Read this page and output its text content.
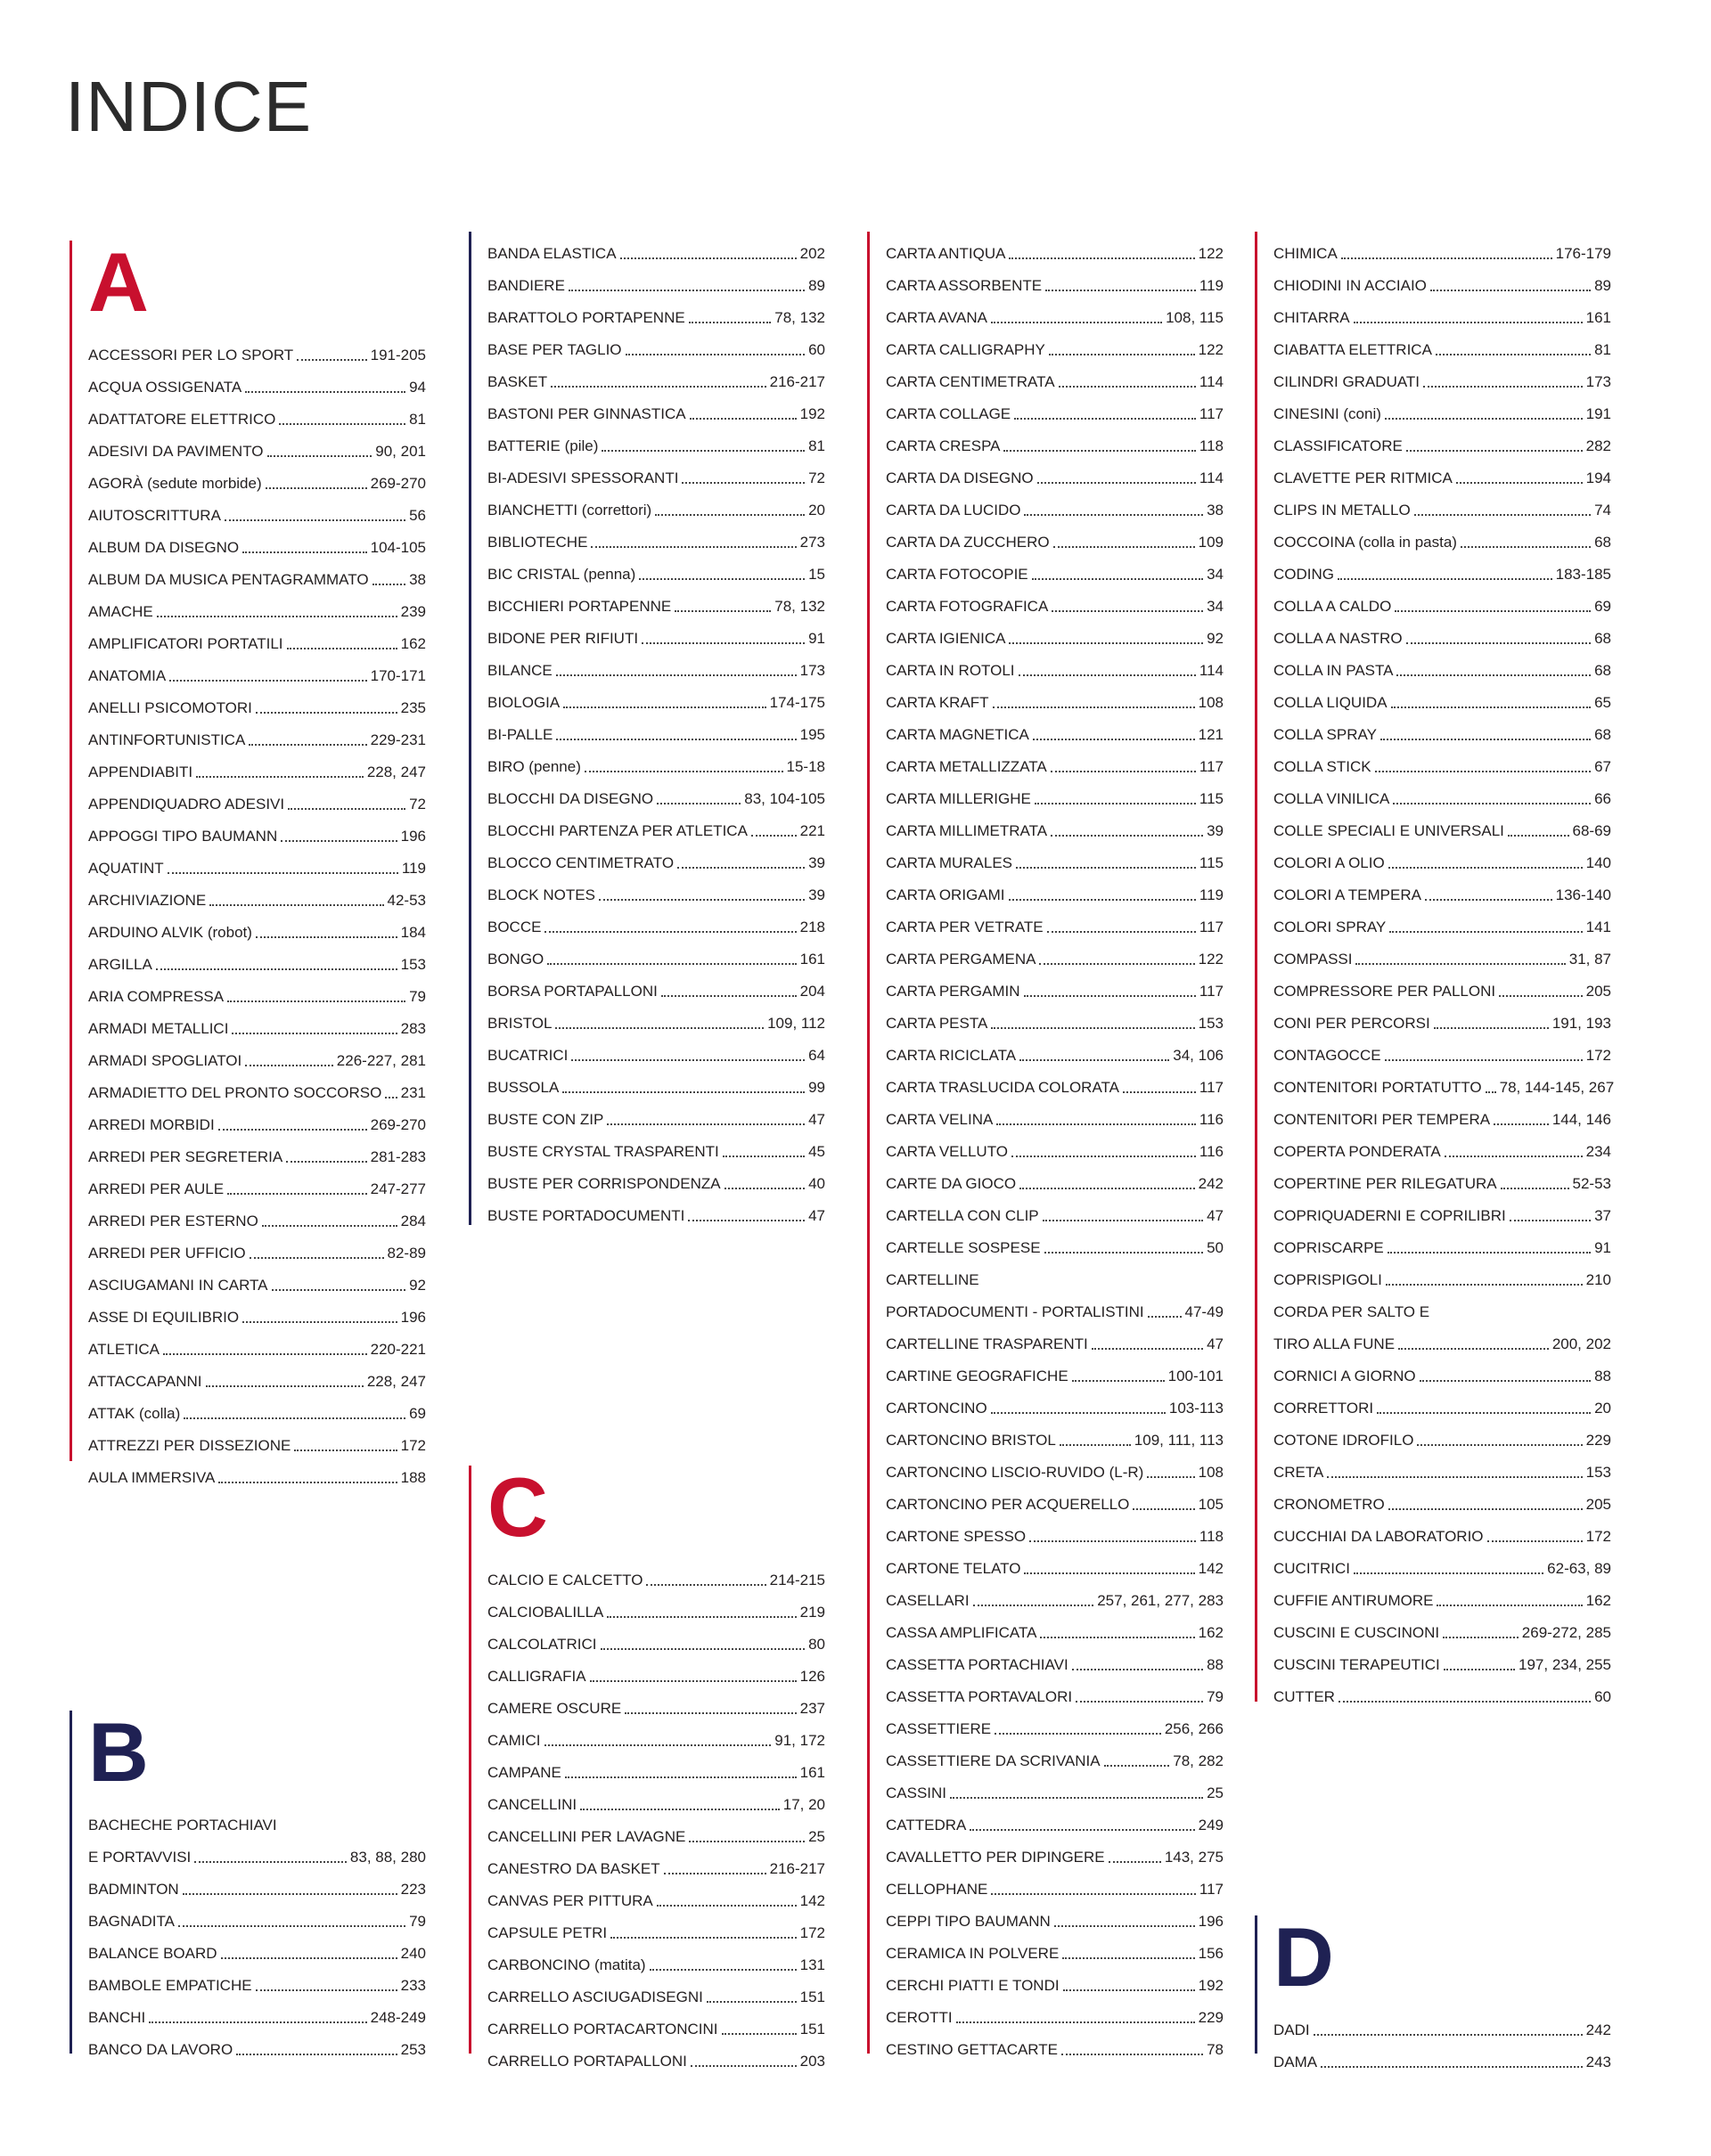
INDICE
A
ACCESSORI PER LO SPORT	191-205
ACQUA OSSIGENATA	94
ADATTATORE ELETTRICO	81
ADESIVI DA PAVIMENTO	90, 201
AGORÀ (sedute morbide)	269-270
AIUTOSCRITTURA	56
ALBUM DA DISEGNO	104-105
ALBUM DA MUSICA PENTAGRAMMATO	38
AMACHE	239
AMPLIFICATORI PORTATILI	162
ANATOMIA	170-171
ANELLI PSICOMOTORI	235
ANTINFORTUNISTICA	229-231
APPENDIABITI	228, 247
APPENDIQUADRO ADESIVI	72
APPOGGI TIPO BAUMANN	196
AQUATINT	119
ARCHIVIAZIONE	42-53
ARDUINO ALVIK (robot)	184
ARGILLA	153
ARIA COMPRESSA	79
ARMADI METALLICI	283
ARMADI SPOGLIATOI	226-227, 281
ARMADIETTO DEL PRONTO SOCCORSO 231
ARREDI MORBIDI	269-270
ARREDI PER SEGRETERIA	281-283
ARREDI PER AULE	247-277
ARREDI PER ESTERNO	284
ARREDI PER UFFICIO	82-89
ASCIUGAMANI IN CARTA	92
ASSE DI EQUILIBRIO	196
ATLETICA	220-221
ATTACCAPANNI	228, 247
ATTAK (colla)	69
ATTREZZI PER DISSEZIONE	172
AULA IMMERSIVA	188
B
BACHECHE PORTACHIAVI
E PORTAVVISI	83, 88, 280
BADMINTON	223
BAGNADITA	79
BALANCE BOARD	240
BAMBOLE EMPATICHE	233
BANCHI	248-249
BANCO DA LAVORO	253
BANDA ELASTICA	202
BANDIERE	89
BARATTOLO PORTAPENNE	78, 132
BASE PER TAGLIO	60
BASKET	216-217
BASTONI PER GINNASTICA	192
BATTERIE (pile)	81
BI-ADESIVI SPESSORANTI	72
BIANCHETTI (correttori)	20
BIBLIOTECHE	273
BIC CRISTAL (penna)	15
BICCHIERI PORTAPENNE	78, 132
BIDONE PER RIFIUTI	91
BILANCE	173
BIOLOGIA	174-175
BI-PALLE	195
BIRO (penne)	15-18
BLOCCHI DA DISEGNO	83, 104-105
BLOCCHI PARTENZA PER ATLETICA	221
BLOCCO CENTIMETRATO	39
BLOCK NOTES	39
BOCCE	218
BONGO	161
BORSA PORTAPALLONI	204
BRISTOL	109, 112
BUCATRICI	64
BUSSOLA	99
BUSTE CON ZIP	47
BUSTE CRYSTAL TRASPARENTI	45
BUSTE PER CORRISPONDENZA	40
BUSTE PORTADOCUMENTI	47
C
CALCIO E CALCETTO	214-215
CALCIOBALILLA	219
CALCOLATRICI	80
CALLIGRAFIA	126
CAMERE OSCURE	237
CAMICI	91, 172
CAMPANE	161
CANCELLINI	17, 20
CANCELLINI PER LAVAGNE	25
CANESTRO DA BASKET	216-217
CANVAS PER PITTURA	142
CAPSULE PETRI	172
CARBONCINO (matita)	131
CARRELLO ASCIUGADISEGNI	151
CARRELLO PORTACARTONCINI	151
CARRELLO PORTAPALLONI	203
CARTA ANTIQUA	122
CARTA ASSORBENTE	119
CARTA AVANA	108, 115
CARTA CALLIGRAPHY	122
CARTA CENTIMETRATA	114
CARTA COLLAGE	117
CARTA CRESPA	118
CARTA DA DISEGNO	114
CARTA DA LUCIDO	38
CARTA DA ZUCCHERO	109
CARTA FOTOCOPIE	34
CARTA FOTOGRAFICA	34
CARTA IGIENICA	92
CARTA IN ROTOLI	114
CARTA KRAFT	108
CARTA MAGNETICA	121
CARTA METALLIZZATA	117
CARTA MILLERIGHE	115
CARTA MILLIMETRATA	39
CARTA MURALES	115
CARTA ORIGAMI	119
CARTA PER VETRATE	117
CARTA PERGAMENA	122
CARTA PERGAMIN	117
CARTA PESTA	153
CARTA RICICLATA	34, 106
CARTA TRASLUCIDA COLORATA	117
CARTA VELINA	116
CARTA VELLUTO	116
CARTE DA GIOCO	242
CARTELLA CON CLIP	47
CARTELLE SOSPESE	50
CARTELLINE
PORTADOCUMENTI - PORTALISTINI	47-49
CARTELLINE TRASPARENTI	47
CARTINE GEOGRAFICHE	100-101
CARTONCINO	103-113
CARTONCINO BRISTOL	109, 111, 113
CARTONCINO LISCIO-RUVIDO (L-R)	108
CARTONCINO PER ACQUERELLO	105
CARTONE SPESSO	118
CARTONE TELATO	142
CASELLARI	257, 261, 277, 283
CASSA AMPLIFICATA	162
CASSETTA PORTACHIAVI	88
CASSETTA PORTAVALORI	79
CASSETTIERE	256, 266
CASSETTIERE DA SCRIVANIA	78, 282
CASSINI	25
CATTEDRA	249
CAVALLETTO PER DIPINGERE	143, 275
CELLOPHANE	117
CEPPI TIPO BAUMANN	196
CERAMICA IN POLVERE	156
CERCHI PIATTI E TONDI	192
CEROTTI	229
CESTINO GETTACARTE	78
CHIMICA	176-179
CHIODINI IN ACCIAIO	89
CHITARRA	161
CIABATTA ELETTRICA	81
CILINDRI GRADUATI	173
CINESINI (coni)	191
CLASSIFICATORE	282
CLAVETTE PER RITMICA	194
CLIPS IN METALLO	74
COCCOINA (colla in pasta)	68
CODING	183-185
COLLA A CALDO	69
COLLA A NASTRO	68
COLLA IN PASTA	68
COLLA LIQUIDA	65
COLLA SPRAY	68
COLLA STICK	67
COLLA VINILICA	66
COLLE SPECIALI E UNIVERSALI	68-69
COLORI A OLIO	140
COLORI A TEMPERA	136-140
COLORI SPRAY	141
COMPASSI	31, 87
COMPRESSORE PER PALLONI	205
CONI PER PERCORSI	191, 193
CONTAGOCCE	172
CONTENITORI PORTATUTTO 78, 144-145, 267
CONTENITORI PER TEMPERA	144, 146
COPERTA PONDERATA	234
COPERTINE PER RILEGATURA	52-53
COPRIQUADERNI E COPRILIBRI	37
COPRISCARPE	91
COPRISPIGOLI	210
CORDA PER SALTO E
TIRO ALLA FUNE	200, 202
CORNICI A GIORNO	88
CORRETTORI	20
COTONE IDROFILO	229
CRETA	153
CRONOMETRO	205
CUCCHIAI DA LABORATORIO	172
CUCITRICI	62-63, 89
CUFFIE ANTIRUMORE	162
CUSCINI E CUSCINONI	269-272, 285
CUSCINI TERAPEUTICI	197, 234, 255
CUTTER	60
D
DADI	242
DAMA	243
